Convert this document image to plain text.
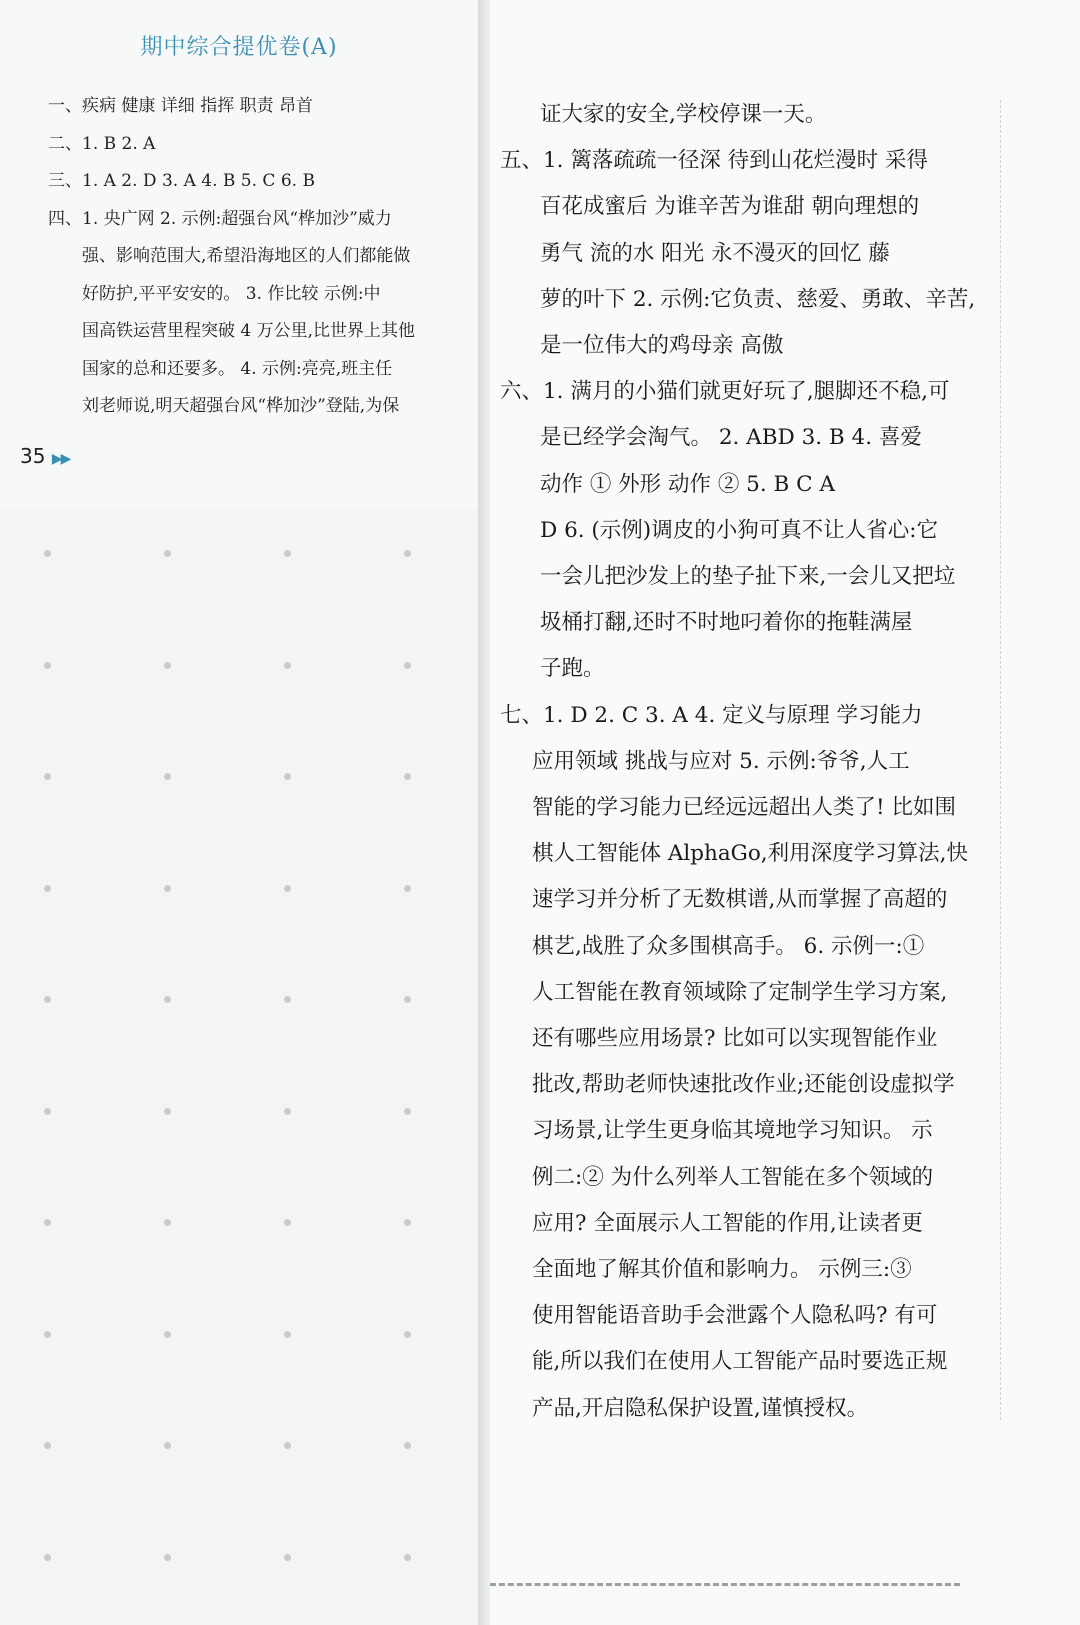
期中综合提优卷(A)
一、疾病 健康 详细 指挥 职责 昂首
二、1. B 2. A
三、1. A 2. D 3. A 4. B 5. C 6. B
四、1. 央广网 2. 示例:超强台风“桦加沙”威力
强、影响范围大,希望沿海地区的人们都能做
好防护,平平安安的。 3. 作比较 示例:中
国高铁运营里程突破 4 万公里,比世界上其他
国家的总和还要多。 4. 示例:亮亮,班主任
刘老师说,明天超强台风“桦加沙”登陆,为保
35 ▶▶
证大家的安全,学校停课一天。
五、1. 篱落疏疏一径深 待到山花烂漫时 采得
百花成蜜后 为谁辛苦为谁甜 朝向理想的
勇气 流的水 阳光 永不漫灭的回忆 藤
萝的叶下 2. 示例:它负责、慈爱、勇敢、辛苦,
是一位伟大的鸡母亲 高傲
六、1. 满月的小猫们就更好玩了,腿脚还不稳,可
是已经学会淘气。 2. ABD 3. B 4. 喜爱
动作 ① 外形 动作 ② 5. B C A
D 6. (示例)调皮的小狗可真不让人省心:它
一会儿把沙发上的垫子扯下来,一会儿又把垃
圾桶打翻,还时不时地叼着你的拖鞋满屋
子跑。
七、1. D 2. C 3. A 4. 定义与原理 学习能力
应用领域 挑战与应对 5. 示例:爷爷,人工
智能的学习能力已经远远超出人类了! 比如围
棋人工智能体 AlphaGo,利用深度学习算法,快
速学习并分析了无数棋谱,从而掌握了高超的
棋艺,战胜了众多围棋高手。 6. 示例一:①
人工智能在教育领域除了定制学生学习方案,
还有哪些应用场景? 比如可以实现智能作业
批改,帮助老师快速批改作业;还能创设虚拟学
习场景,让学生更身临其境地学习知识。 示
例二:② 为什么列举人工智能在多个领域的
应用? 全面展示人工智能的作用,让读者更
全面地了解其价值和影响力。 示例三:③
使用智能语音助手会泄露个人隐私吗? 有可
能,所以我们在使用人工智能产品时要选正规
产品,开启隐私保护设置,谨慎授权。
